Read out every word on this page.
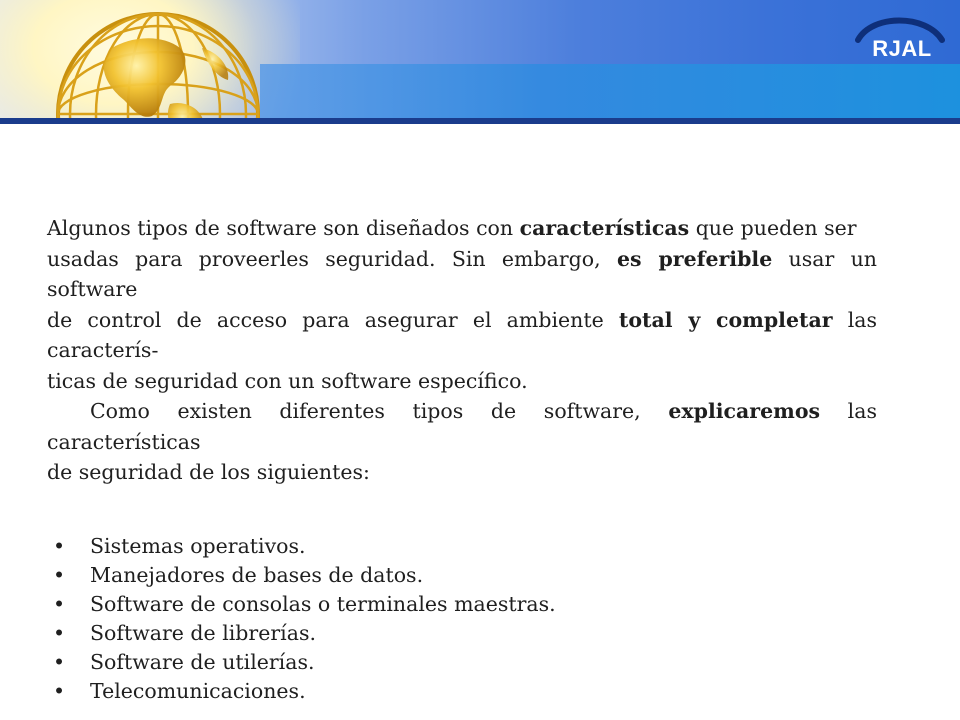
RJAL

Algunos tipos de software son diseñados con características que pueden ser
usadas para proveerles seguridad. Sin embargo, es preferible usar un software
de control de acceso para asegurar el ambiente total y completar las caracterís-
ticas de seguridad con un software específico.

Como existen diferentes tipos de software, explicaremos las características
de seguridad de los siguientes:

• Sistemas operativos.
• Manejadores de bases de datos.
• Software de consolas o terminales maestras.
• Software de librerías.
• Software de utilerías.
• Telecomunicaciones.
